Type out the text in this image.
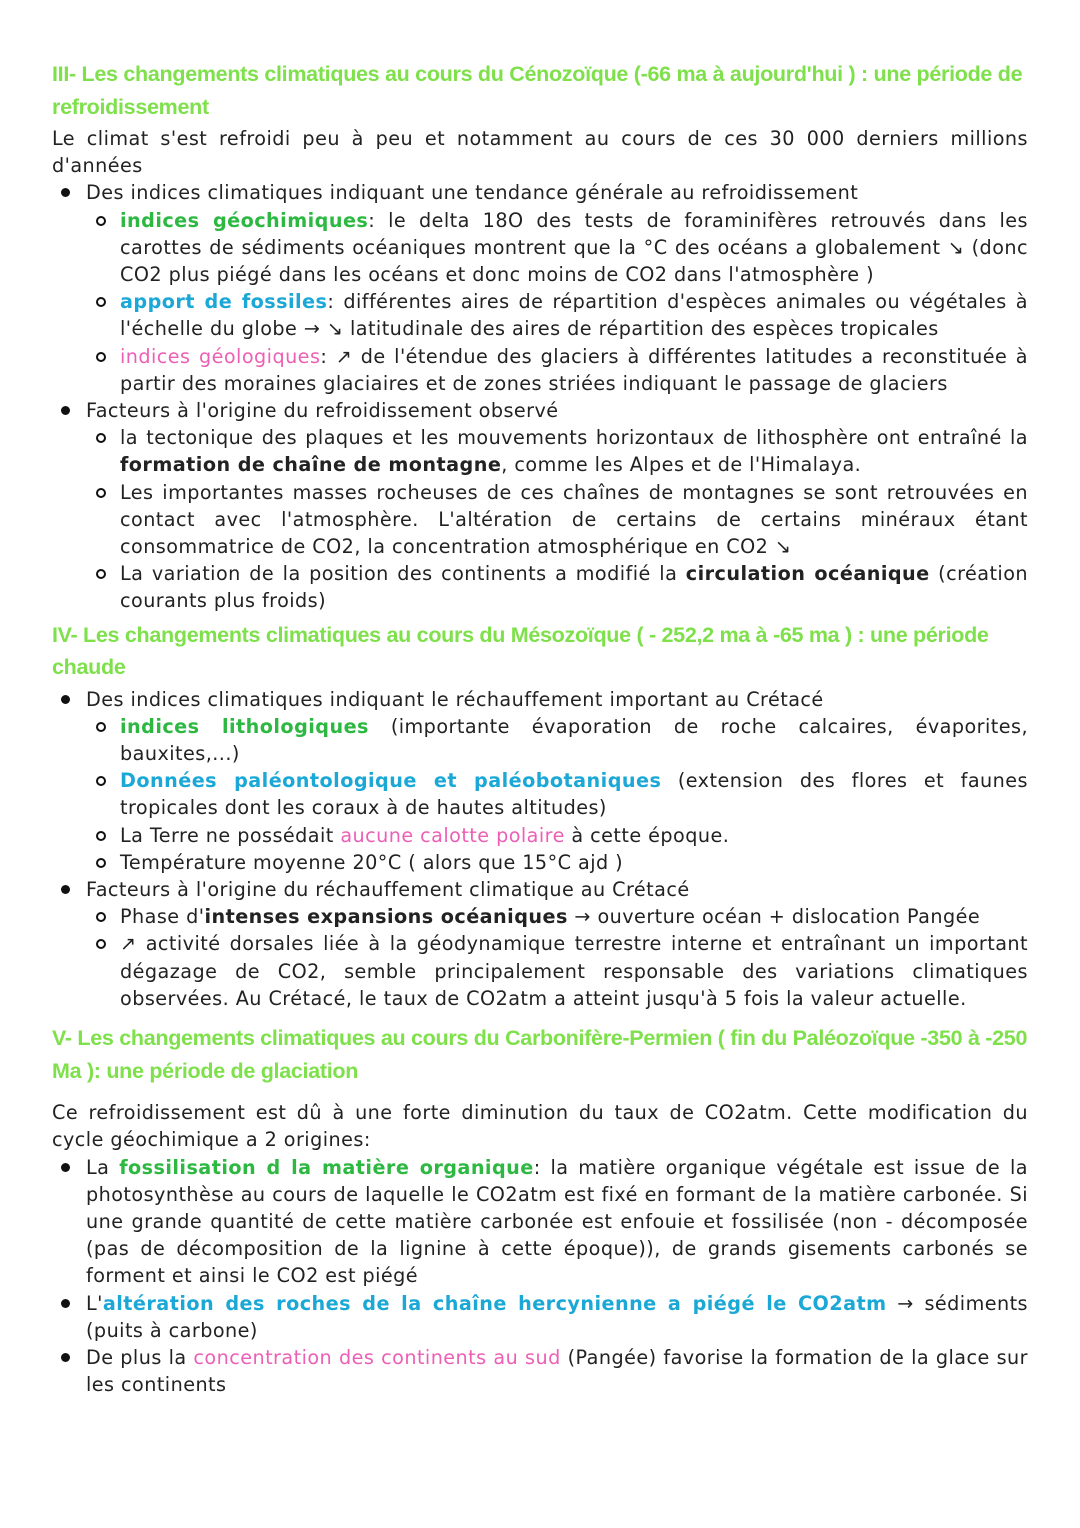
III- Les changements climatiques au cours du Cénozoïque (-66 ma à aujourd'hui ) : une période de refroidissement

Le climat s'est refroidi peu à peu et notamment au cours de ces 30 000 derniers millions d'années

Des indices climatiques indiquant une tendance générale au refroidissement
indices géochimiques: le delta 18O des tests de foraminifères retrouvés dans les carottes de sédiments océaniques montrent que la °C des océans a globalement ↘ (donc CO2 plus piégé dans les océans et donc moins de CO2 dans l'atmosphère )
apport de fossiles: différentes aires de répartition d'espèces animales ou végétales à l'échelle du globe → ↘ latitudinale des aires de répartition des espèces tropicales
indices géologiques: ↗ de l'étendue des glaciers à différentes latitudes a reconstituée à partir des moraines glaciaires et de zones striées indiquant le passage de glaciers
Facteurs à l'origine du refroidissement observé
la tectonique des plaques et les mouvements horizontaux de lithosphère ont entraîné la formation de chaîne de montagne, comme les Alpes et de l'Himalaya.
Les importantes masses rocheuses de ces chaînes de montagnes se sont retrouvées en contact avec l'atmosphère. L'altération de certains de certains minéraux étant consommatrice de CO2, la concentration atmosphérique en CO2 ↘
La variation de la position des continents a modifié la circulation océanique (création courants plus froids)
IV- Les changements climatiques au cours du Mésozoïque ( - 252,2 ma à -65 ma ) : une période chaude
Des indices climatiques indiquant le réchauffement important au Crétacé
indices lithologiques (importante évaporation de roche calcaires, évaporites, bauxites,...)
Données paléontologique et paléobotaniques (extension des flores et faunes tropicales dont les coraux à de hautes altitudes)
La Terre ne possédait aucune calotte polaire à cette époque.
Température moyenne 20°C ( alors que 15°C ajd )
Facteurs à l'origine du réchauffement climatique au Crétacé
Phase d'intenses expansions océaniques → ouverture océan + dislocation Pangée
↗ activité dorsales liée à la géodynamique terrestre interne et entraînant un important dégazage de CO2, semble principalement responsable des variations climatiques observées. Au Crétacé, le taux de CO2atm a atteint jusqu'à 5 fois la valeur actuelle.
V- Les changements climatiques au cours du Carbonifère-Permien ( fin du Paléozoïque -350 à -250 Ma ): une période de glaciation

Ce refroidissement est dû à une forte diminution du taux de CO2atm. Cette modification du cycle géochimique a 2 origines:

La fossilisation d la matière organique: la matière organique végétale est issue de la photosynthèse au cours de laquelle le CO2atm est fixé en formant de la matière carbonée. Si une grande quantité de cette matière carbonée est enfouie et fossilisée (non - décomposée (pas de décomposition de la lignine à cette époque)), de grands gisements carbonés se forment et ainsi le CO2 est piégé
L'altération des roches de la chaîne hercynienne a piégé le CO2atm → sédiments (puits à carbone)
De plus la concentration des continents au sud (Pangée) favorise la formation de la glace sur les continents
